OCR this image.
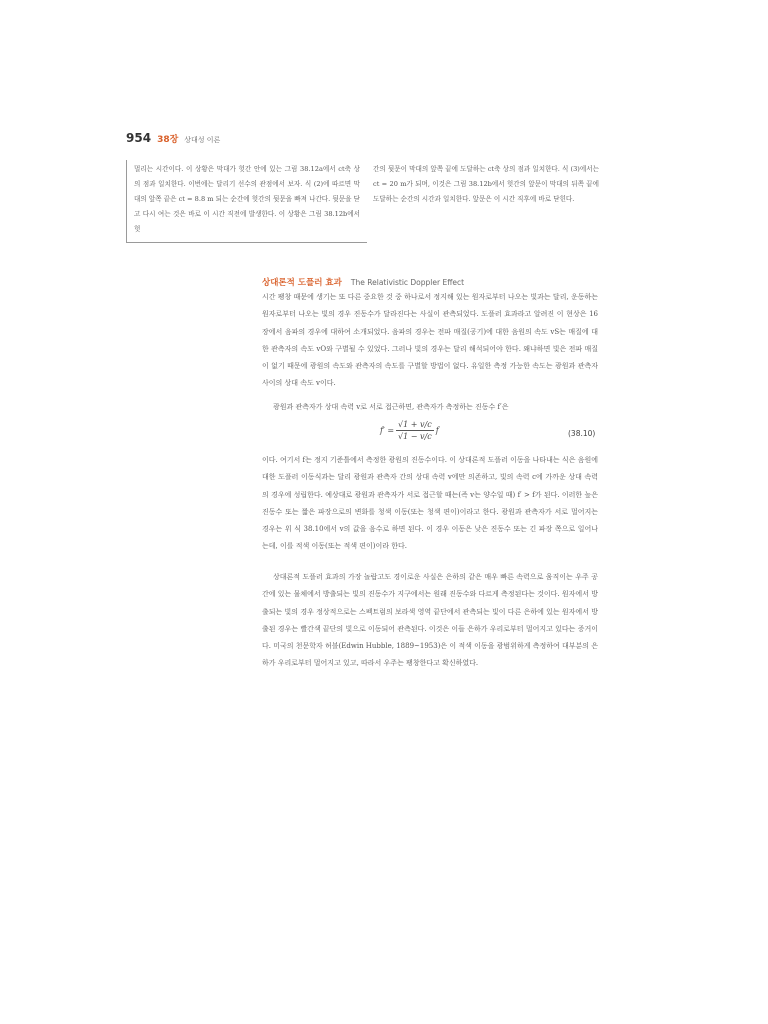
954 38장 상대성 이론
멀리는 시간이다. 이 상황은 막대가 헛간 안에 있는 그림 38.12a에서 ct축 상의 점과 일치한다. 이번에는 달리기 선수의 관점에서 보자. 식 (2)에 따르면 막대의 앞쪽 끝은 ct = 8.8 m 되는 순간에 헛간의 뒷문을 빠져 나간다. 뒷문을 닫고 다시 여는 것은 바로 이 시간 직전에 발생한다. 이 상황은 그림 38.12b에서 헛
간의 뒷문이 막대의 앞쪽 끝에 도달하는 ct축 상의 점과 일치한다. 식 (3)에서는 ct = 20 m가 되며, 이것은 그림 38.12b에서 헛간의 앞문이 막대의 뒤쪽 끝에 도달하는 순간의 시간과 일치한다. 앞문은 이 시간 직후에 바로 닫힌다.
상대론적 도플러 효과 The Relativistic Doppler Effect
시간 팽창 때문에 생기는 또 다른 중요한 것 중 하나로서 정지해 있는 원자로부터 나오는 빛과는 달리, 운동하는 원자로부터 나오는 빛의 경우 진동수가 달라진다는 사실이 관측되었다. 도플러 효과라고 알려진 이 현상은 16장에서 음파의 경우에 대하여 소개되었다. 음파의 경우는 전파 매질(공기)에 대한 음원의 속도 vS는 매질에 대한 관측자의 속도 vO와 구별될 수 있었다. 그러나 빛의 경우는 달리 해석되어야 한다. 왜냐하면 빛은 전파 매질이 없기 때문에 광원의 속도와 관측자의 속도를 구별할 방법이 없다. 유일한 측정 가능한 속도는 광원과 관측자 사이의 상대 속도 v이다.
광원과 관측자가 상대 속력 v로 서로 접근하면, 관측자가 측정하는 진동수 f′은
$f' = \frac{√1 + v/c}{√1 - v/c}$ f	(38.10)
이다. 여기서 f는 정지 기준틀에서 측정한 광원의 진동수이다. 이 상대론적 도플러 이동을 나타내는 식은 음원에 대한 도플러 이동식과는 달리 광원과 관측자 간의 상대 속력 v에만 의존하고, 빛의 속력 c에 가까운 상대 속력의 경우에 성립한다. 예상대로 광원과 관측자가 서로 접근할 때는(즉 v는 양수일 때) f′ > f가 된다. 이러한 높은 진동수 또는 짧은 파장으로의 변화를 청색 이동(또는 청색 편이)이라고 한다. 광원과 관측자가 서로 멀어지는 경우는 위 식 38.10에서 v의 값을 음수로 하면 된다. 이 경우 이동은 낮은 진동수 또는 긴 파장 쪽으로 일어나는데, 이를 적색 이동(또는 적색 편이)이라 한다.
상대론적 도플러 효과의 가장 놀랍고도 경이로운 사실은 은하의 같은 매우 빠른 속력으로 움직이는 우주 공간에 있는 물체에서 방출되는 빛의 진동수가 지구에서는 원래 진동수와 다르게 측정된다는 것이다. 원자에서 방출되는 빛의 경우 정상적으로는 스펙트럼의 보라색 영역 끝단에서 관측되는 빛이 다른 은하에 있는 원자에서 방출된 경우는 빨간색 끝단의 빛으로 이동되어 관측된다. 이것은 이들 은하가 우리로부터 멀어지고 있다는 증거이다. 미국의 천문학자 허블(Edwin Hubble, 1889~1953)은 이 적색 이동을 광범위하게 측정하여 대부분의 은하가 우리로부터 멀어지고 있고, 따라서 우주는 팽창한다고 확신하였다.
